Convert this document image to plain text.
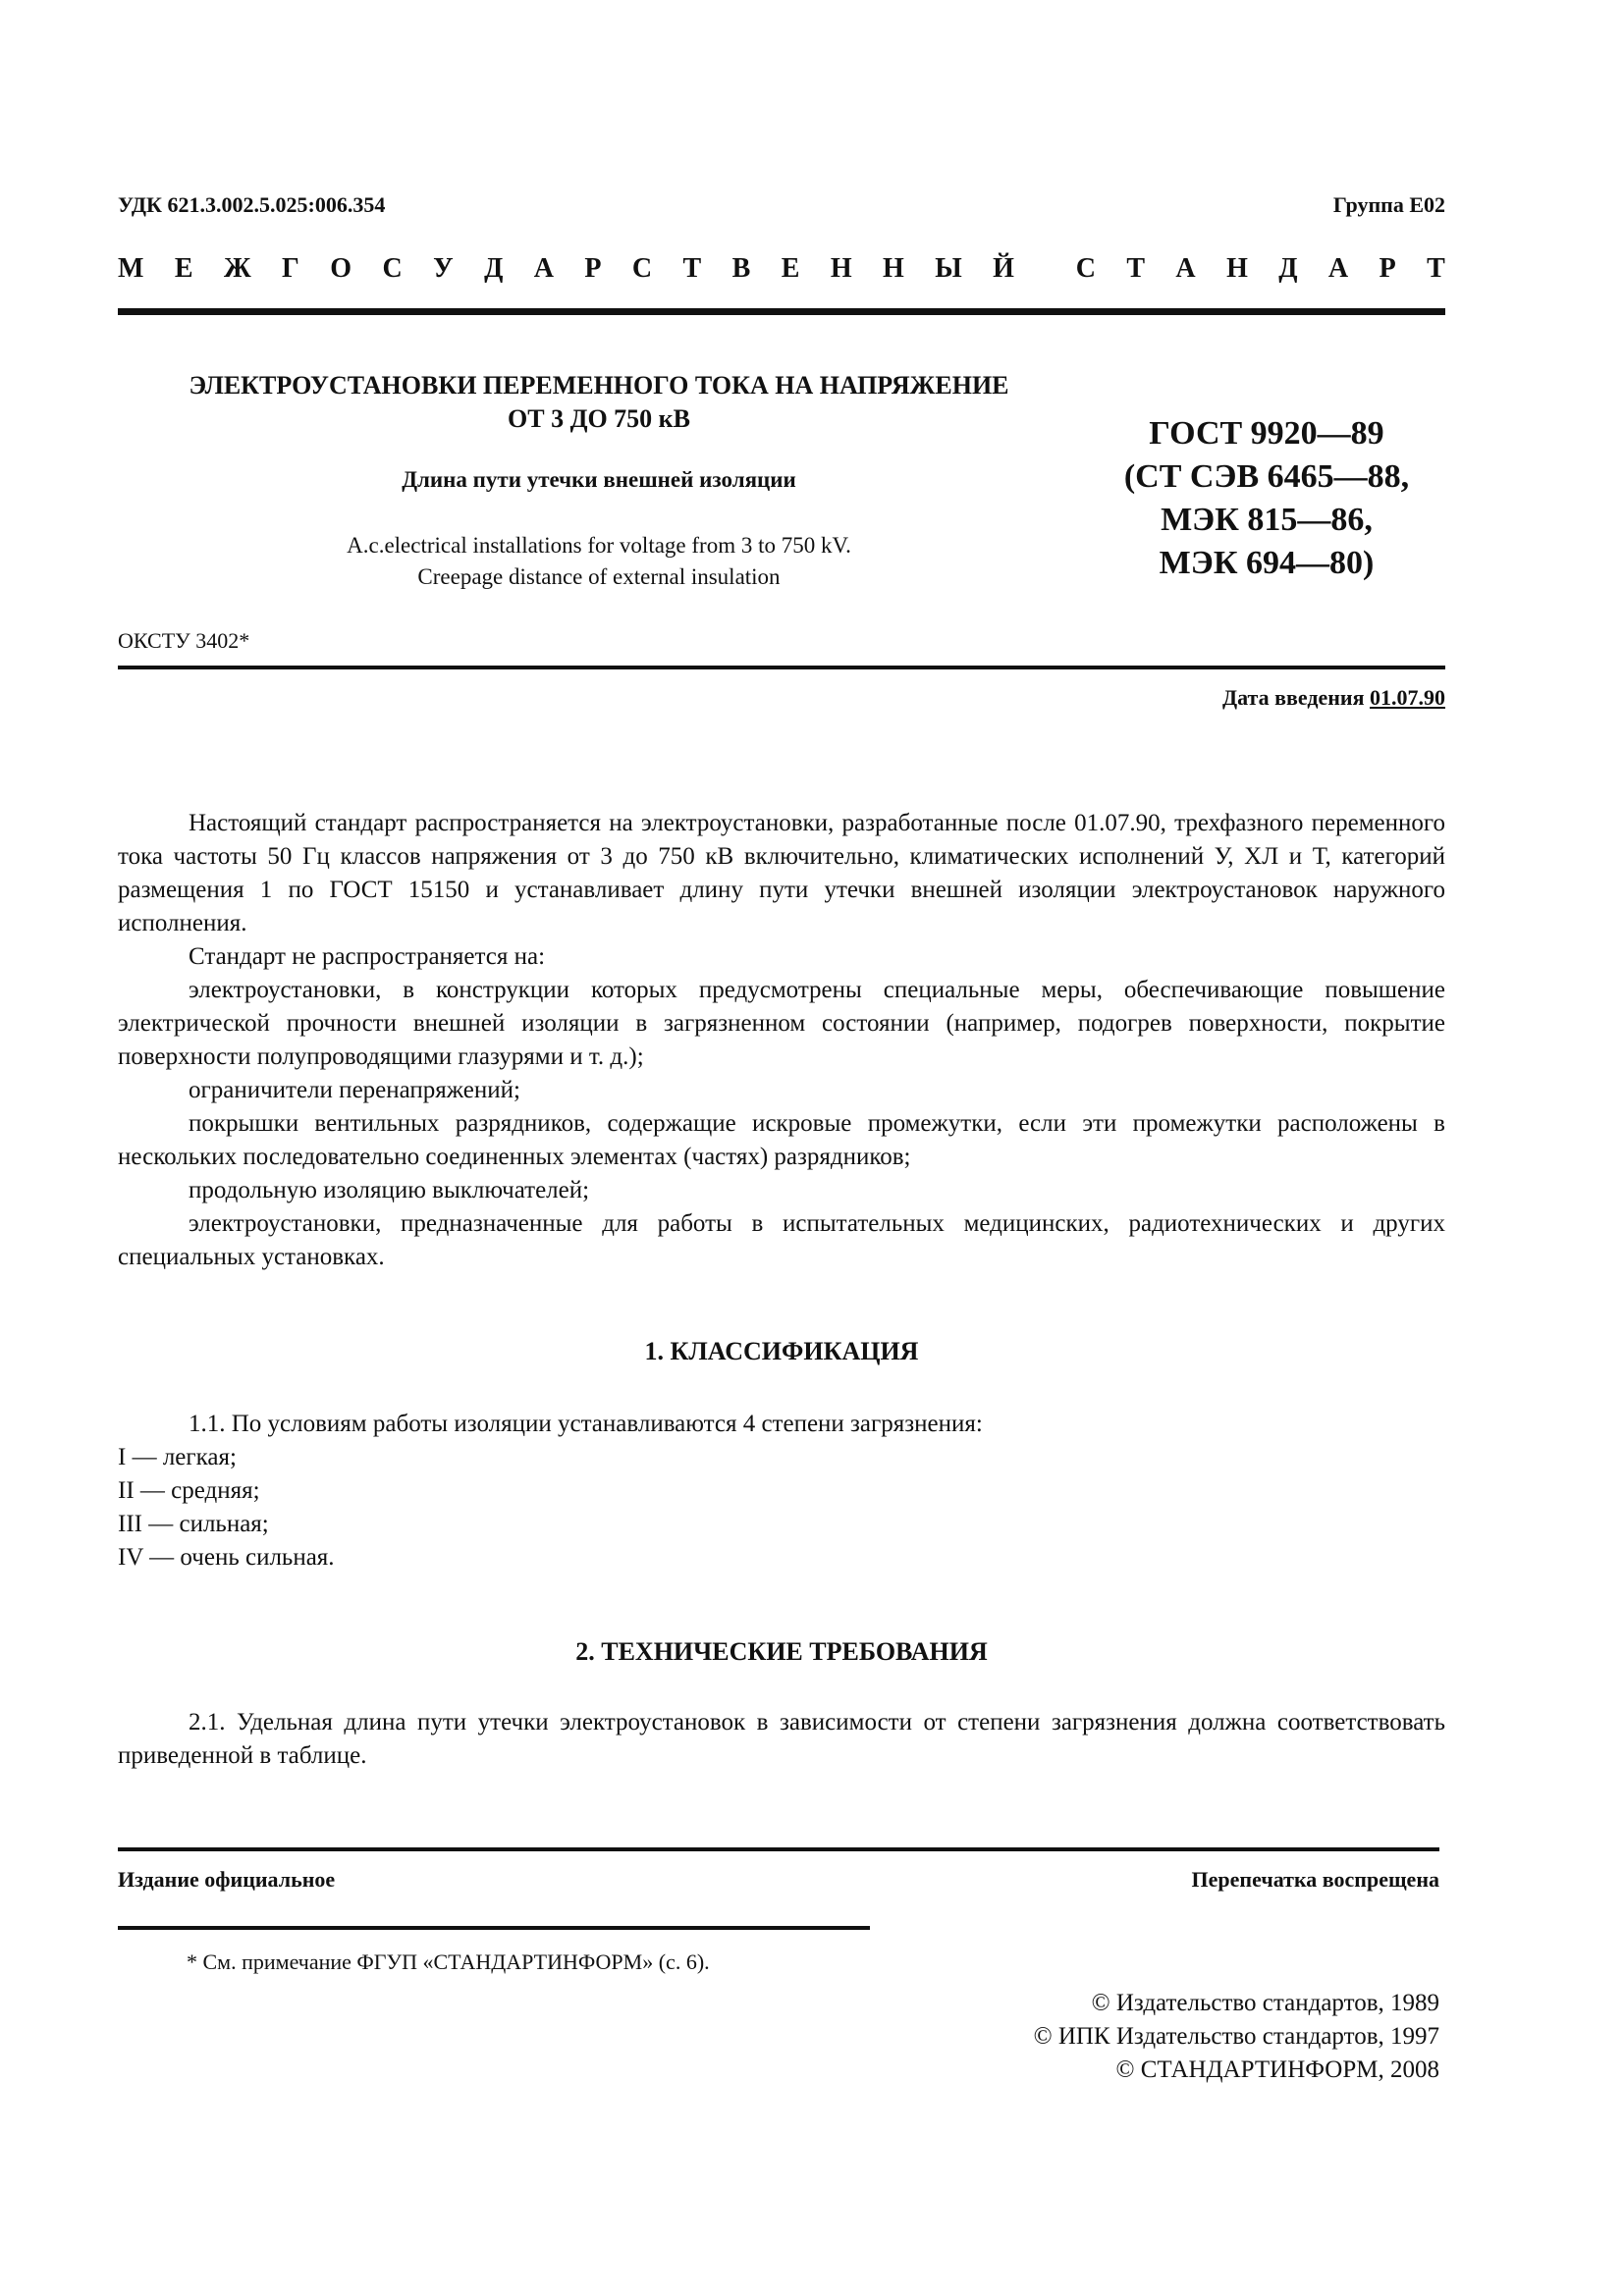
УДК 621.3.002.5.025:006.354	Группа Е02
М Е Ж Г О С У Д А Р С Т В Е Н Н Ы Й С Т А Н Д А Р Т
ЭЛЕКТРОУСТАНОВКИ ПЕРЕМЕННОГО ТОКА НА НАПРЯЖЕНИЕ
ОТ 3 ДО 750 кВ
Длина пути утечки внешней изоляции
A.c.electrical installations for voltage from 3 to 750 kV.
Creepage distance of external insulation
ГОСТ 9920—89
(СТ СЭВ 6465—88,
МЭК 815—86,
МЭК 694—80)
ОКСТУ 3402*
Дата введения 01.07.90

Настоящий стандарт распространяется на электроустановки, разработанные после 01.07.90, трехфазного переменного тока частоты 50 Гц классов напряжения от 3 до 750 кВ включительно, климатических исполнений У, ХЛ и Т, категорий размещения 1 по ГОСТ 15150 и устанавливает длину пути утечки внешней изоляции электроустановок наружного исполнения.

Стандарт не распространяется на:

электроустановки, в конструкции которых предусмотрены специальные меры, обеспечивающие повышение электрической прочности внешней изоляции в загрязненном состоянии (например, подогрев поверхности, покрытие поверхности полупроводящими глазурями и т. д.);

ограничители перенапряжений;

покрышки вентильных разрядников, содержащие искровые промежутки, если эти промежутки расположены в нескольких последовательно соединенных элементах (частях) разрядников;

продольную изоляцию выключателей;

электроустановки, предназначенные для работы в испытательных медицинских, радиотехнических и других специальных установках.

1. КЛАССИФИКАЦИЯ

1.1. По условиям работы изоляции устанавливаются 4 степени загрязнения:

I — легкая;

II — средняя;

III — сильная;

IV — очень сильная.

2. ТЕХНИЧЕСКИЕ ТРЕБОВАНИЯ

2.1. Удельная длина пути утечки электроустановок в зависимости от степени загрязнения должна соответствовать приведенной в таблице.

Издание официальное	Перепечатка воспрещена
* См. примечание ФГУП «СТАНДАРТИНФОРМ» (с. 6).
© Издательство стандартов, 1989
© ИПК Издательство стандартов, 1997
© СТАНДАРТИНФОРМ, 2008
